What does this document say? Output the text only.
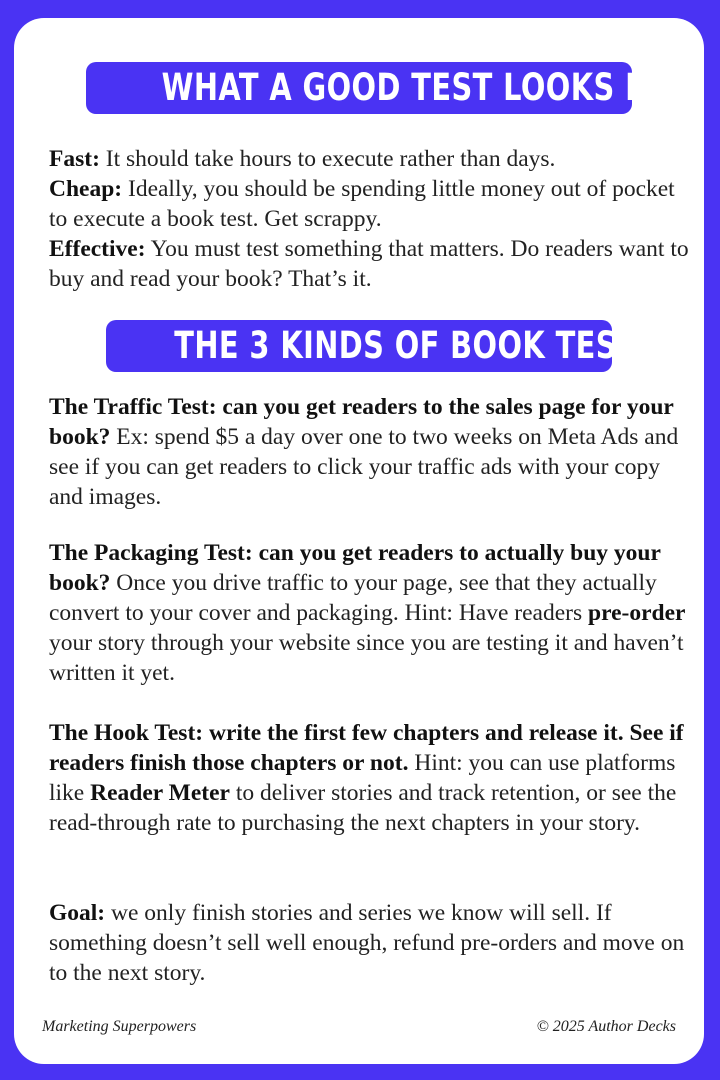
WHAT A GOOD TEST LOOKS LIKE

Fast: It should take hours to execute rather than days.

Cheap: Ideally, you should be spending little money out of pocket to execute a book test. Get scrappy.

Effective: You must test something that matters. Do readers want to buy and read your book? That’s it.

THE 3 KINDS OF BOOK TESTS

The Traffic Test: can you get readers to the sales page for your book? Ex: spend $5 a day over one to two weeks on Meta Ads and see if you can get readers to click your traffic ads with your copy and images.

The Packaging Test: can you get readers to actually buy your book? Once you drive traffic to your page, see that they actually convert to your cover and packaging. Hint: Have readers pre-order your story through your website since you are testing it and haven’t written it yet.

The Hook Test: write the first few chapters and release it. See if readers finish those chapters or not. Hint: you can use platforms like Reader Meter to deliver stories and track retention, or see the read-through rate to purchasing the next chapters in your story.

Goal: we only finish stories and series we know will sell. If something doesn’t sell well enough, refund pre-orders and move on to the next story.

Marketing Superpowers	© 2025 Author Decks
